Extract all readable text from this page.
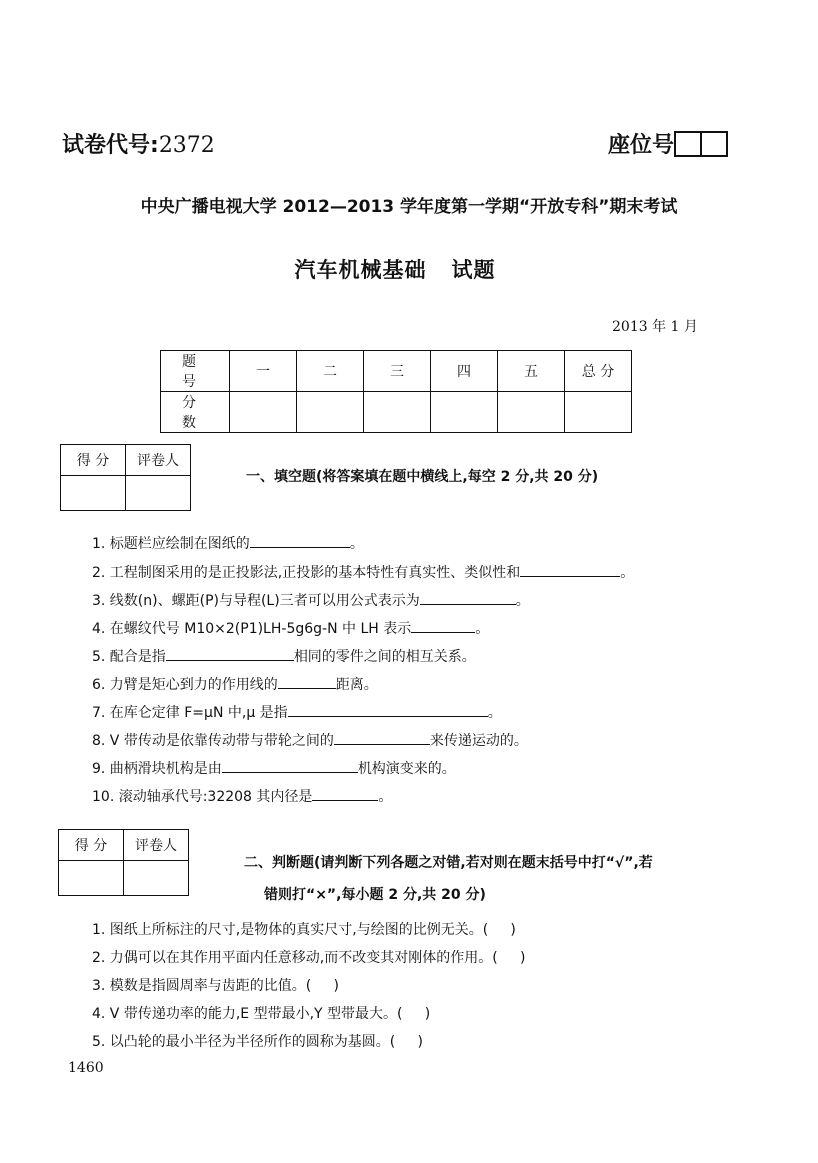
试卷代号:2372	座位号
中央广播电视大学 2012—2013 学年度第一学期“开放专科”期末考试
汽车机械基础   试题
2013 年 1 月
题 号	一	二	三	四	五	总 分
分 数						
得 分	评卷人

一、填空题(将答案填在题中横线上,每空 2 分,共 20 分)
1. 标题栏应绘制在图纸的	。
2. 工程制图采用的是正投影法,正投影的基本特性有真实性、类似性和	。
3. 线数(n)、螺距(P)与导程(L)三者可以用公式表示为	。
4. 在螺纹代号 M10×2(P1)LH-5g6g-N 中 LH 表示	。
5. 配合是指	相同的零件之间的相互关系。
6. 力臂是矩心到力的作用线的	距离。
7. 在库仑定律 F=μN 中,μ 是指	。
8. V 带传动是依靠传动带与带轮之间的	来传递运动的。
9. 曲柄滑块机构是由	机构演变来的。
10. 滚动轴承代号:32208 其内径是	。
得 分	评卷人

二、判断题(请判断下列各题之对错,若对则在题末括号中打“√”,若
错则打“×”,每小题 2 分,共 20 分)
1. 图纸上所标注的尺寸,是物体的真实尺寸,与绘图的比例无关。(     )
2. 力偶可以在其作用平面内任意移动,而不改变其对刚体的作用。(     )
3. 模数是指圆周率与齿距的比值。(     )
4. V 带传递功率的能力,E 型带最小,Y 型带最大。(     )
5. 以凸轮的最小半径为半径所作的圆称为基圆。(     )
1460
